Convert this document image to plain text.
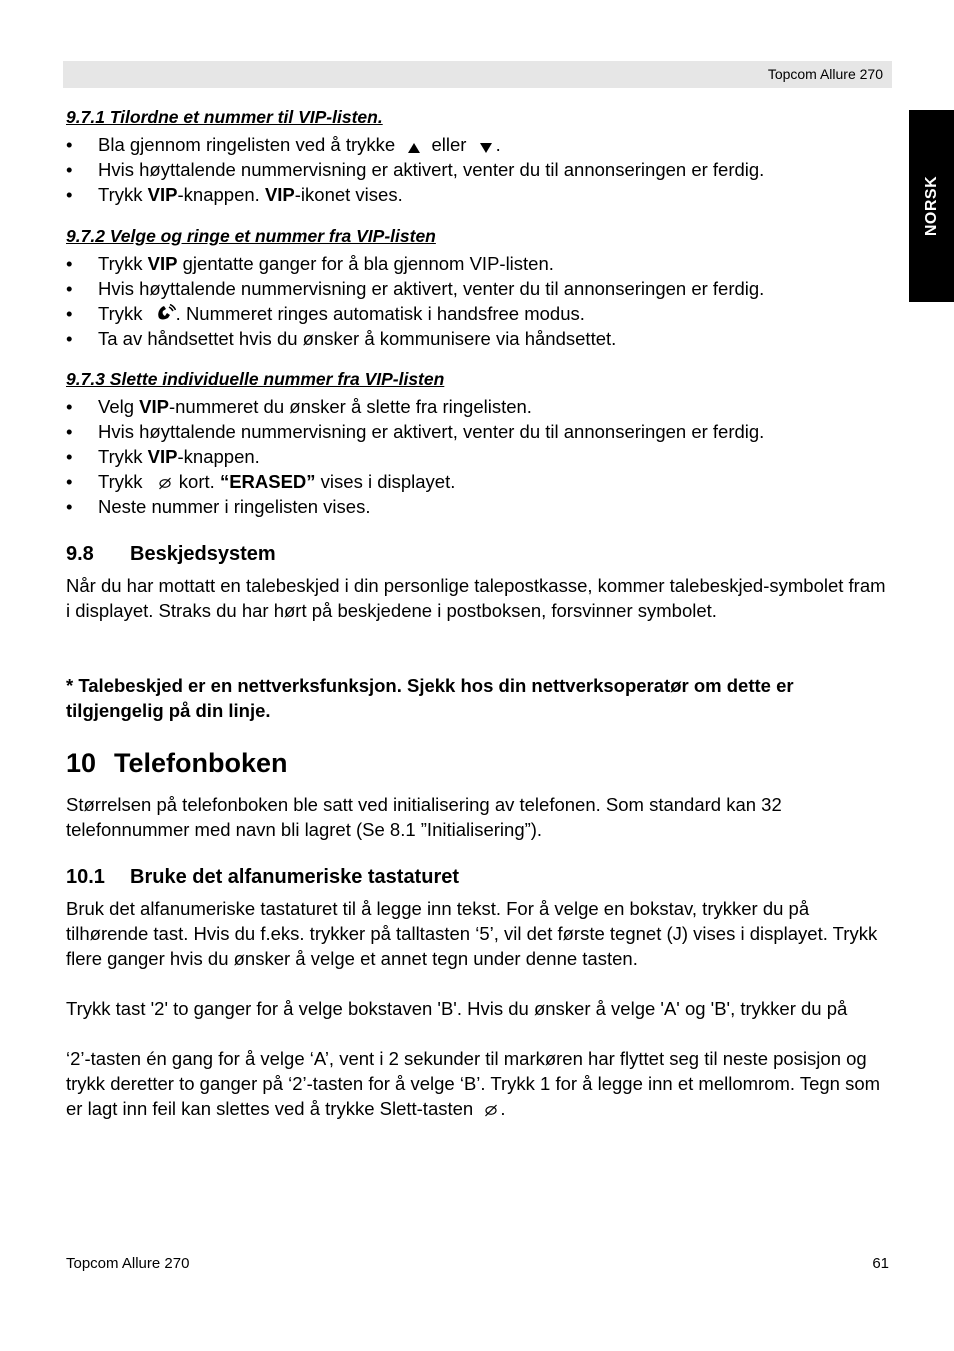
Topcom Allure 270
NORSK
9.7.1 Tilordne et nummer til VIP-listen.
• Bla gjennom ringelisten ved å trykke eller .
• Hvis høyttalende nummervisning er aktivert, venter du til annonseringen er ferdig.
• Trykk VIP-knappen. VIP-ikonet vises.
9.7.2 Velge og ringe et nummer fra VIP-listen
• Trykk VIP gjentatte ganger for å bla gjennom VIP-listen.
• Hvis høyttalende nummervisning er aktivert, venter du til annonseringen er ferdig.
• Trykk . Nummeret ringes automatisk i handsfree modus.
• Ta av håndsettet hvis du ønsker å kommunisere via håndsettet.
9.7.3 Slette individuelle nummer fra VIP-listen
• Velg VIP-nummeret du ønsker å slette fra ringelisten.
• Hvis høyttalende nummervisning er aktivert, venter du til annonseringen er ferdig.
• Trykk VIP-knappen.
• Trykk  kort. “ERASED” vises i displayet.
• Neste nummer i ringelisten vises.
9.8 Beskjedsystem
Når du har mottatt en talebeskjed i din personlige talepostkasse, kommer talebeskjed-symbolet fram i displayet. Straks du har hørt på beskjedene i postboksen, forsvinner symbolet.
* Talebeskjed er en nettverksfunksjon. Sjekk hos din nettverksoperatør om dette er tilgjengelig på din linje.
10 Telefonboken
Størrelsen på telefonboken ble satt ved initialisering av telefonen. Som standard kan 32 telefonnummer med navn bli lagret (Se 8.1 ”Initialisering”).
10.1 Bruke det alfanumeriske tastaturet
Bruk det alfanumeriske tastaturet til å legge inn tekst. For å velge en bokstav, trykker du på tilhørende tast. Hvis du f.eks. trykker på talltasten ‘5’, vil det første tegnet (J) vises i displayet. Trykk flere ganger hvis du ønsker å velge et annet tegn under denne tasten.
Trykk tast '2' to ganger for å velge bokstaven 'B'. Hvis du ønsker å velge 'A' og 'B', trykker du på
‘2’-tasten én gang for å velge ‘A’, vent i 2 sekunder til markøren har flyttet seg til neste posisjon og trykk deretter to ganger på ‘2’-tasten for å velge ‘B’. Trykk 1 for å legge inn et mellomrom. Tegn som er lagt inn feil kan slettes ved å trykke Slett-tasten .
Topcom Allure 270	61
